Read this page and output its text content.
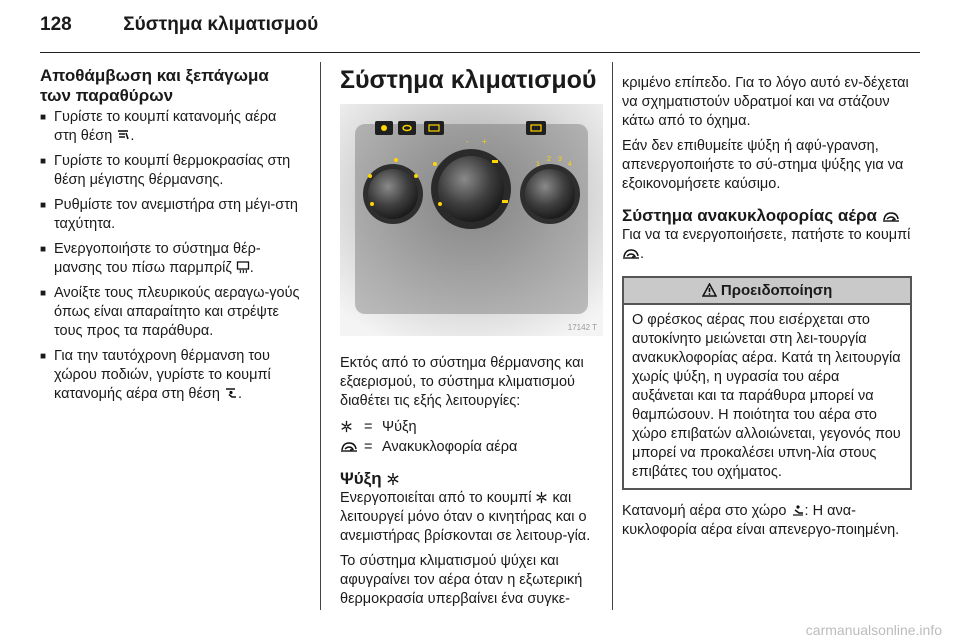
128	Σύστημα κλιματισμού
Αποθάμβωση και ξεπάγωμα των παραθύρων
■ Γυρίστε το κουμπί κατανομής αέρα στη θέση .
■ Γυρίστε το κουμπί θερμοκρασίας στη θέση μέγιστης θέρμανσης.
■ Ρυθμίστε τον ανεμιστήρα στη μέγι-στη ταχύτητα.
■ Ενεργοποιήστε το σύστημα θέρ-μανσης του πίσω παρμπρίζ .
■ Ανοίξτε τους πλευρικούς αεραγω-γούς όπως είναι απαραίτητο και στρέψτε τους προς τα παράθυρα.
■ Για την ταυτόχρονη θέρμανση του χώρου ποδιών, γυρίστε το κουμπί κατανομής αέρα στη θέση .
Σύστημα κλιματισμού
- +
1
2 3
4
17142 T

Εκτός από το σύστημα θέρμανσης και εξαερισμού, το σύστημα κλιματισμού διαθέτει τις εξής λειτουργίες:

= Ψύξη
= Ανακυκλοφορία αέρα
Ψύξη

Ενεργοποιείται από το κουμπί και λειτουργεί μόνο όταν ο κινητήρας και ο ανεμιστήρας βρίσκονται σε λειτουρ-γία.

Το σύστημα κλιματισμού ψύχει και αφυγραίνει τον αέρα όταν η εξωτερική θερμοκρασία υπερβαίνει ένα συγκε-

κριμένο επίπεδο. Για το λόγο αυτό εν-δέχεται να σχηματιστούν υδρατμοί και να στάζουν κάτω από το όχημα.

Εάν δεν επιθυμείτε ψύξη ή αφύ-γρανση, απενεργοποιήστε το σύ-στημα ψύξης για να εξοικονομήσετε καύσιμο.

Σύστημα ανακυκλοφορίας αέρα

Για να τα ενεργοποιήσετε, πατήστε το κουμπί .

Προειδοποίηση
Ο φρέσκος αέρας που εισέρχεται στο αυτοκίνητο μειώνεται στη λει-τουργία ανακυκλοφορίας αέρα. Κατά τη λειτουργία χωρίς ψύξη, η υγρασία του αέρα αυξάνεται και τα παράθυρα μπορεί να θαμπώσουν. Η ποιότητα του αέρα στο χώρο επιβατών αλλοιώνεται, γεγονός που μπορεί να προκαλέσει υπνη-λία στους επιβάτες του οχήματος.

Κατανομή αέρα στο χώρο : Η ανα-κυκλοφορία αέρα είναι απενεργο-ποιημένη.

carmanualsonline.info
